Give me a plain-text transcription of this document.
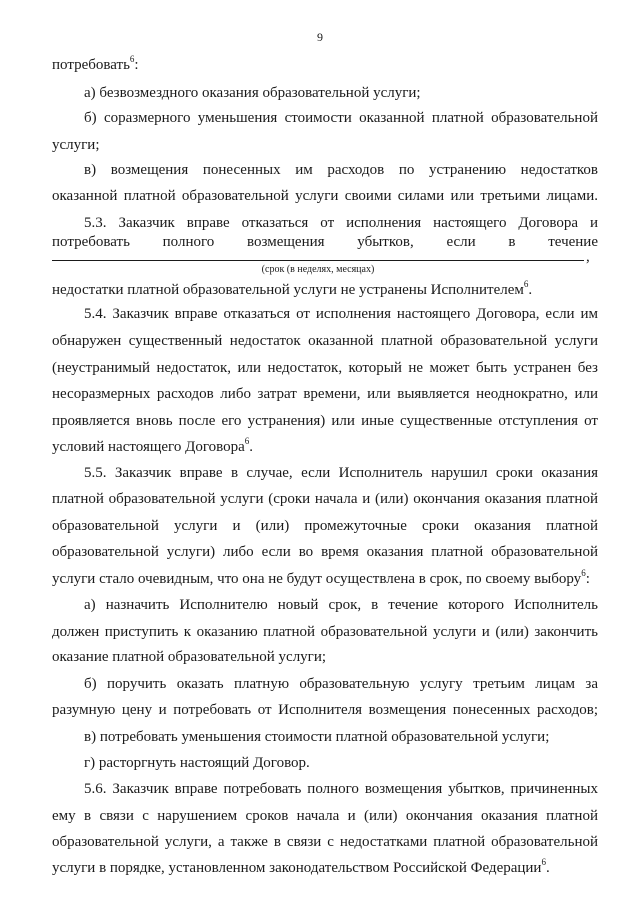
9
потребовать$^6$:
а) безвозмездного оказания образовательной услуги;
б) соразмерного уменьшения стоимости оказанной платной образовательной
услуги;
в) возмещения понесенных им расходов по устранению недостатков
оказанной платной образовательной услуги своими силами или третьими лицами.
5.3. Заказчик вправе отказаться от исполнения настоящего Договора и
потребовать полного возмещения убытков, если в течение
,
(срок (в неделях, месяцах)
недостатки платной образовательной услуги не устранены Исполнителем$^6$.
5.4. Заказчик вправе отказаться от исполнения настоящего Договора, если им
обнаружен существенный недостаток оказанной платной образовательной услуги
(неустранимый недостаток, или недостаток, который не может быть устранен без
несоразмерных расходов либо затрат времени, или выявляется неоднократно, или
проявляется вновь после его устранения) или иные существенные отступления от
условий настоящего Договора$^6$.
5.5. Заказчик вправе в случае, если Исполнитель нарушил сроки оказания
платной образовательной услуги (сроки начала и (или) окончания оказания платной
образовательной услуги и (или) промежуточные сроки оказания платной
образовательной услуги) либо если во время оказания платной образовательной
услуги стало очевидным, что она не будут осуществлена в срок, по своему выбору$^6$:
а) назначить Исполнителю новый срок, в течение которого Исполнитель
должен приступить к оказанию платной образовательной услуги и (или) закончить
оказание платной образовательной услуги;
б) поручить оказать платную образовательную услугу третьим лицам за
разумную цену и потребовать от Исполнителя возмещения понесенных расходов;
в) потребовать уменьшения стоимости платной образовательной услуги;
г) расторгнуть настоящий Договор.
5.6. Заказчик вправе потребовать полного возмещения убытков, причиненных
ему в связи с нарушением сроков начала и (или) окончания оказания платной
образовательной услуги, а также в связи с недостатками платной образовательной
услуги в порядке, установленном законодательством Российской Федерации$^6$.
